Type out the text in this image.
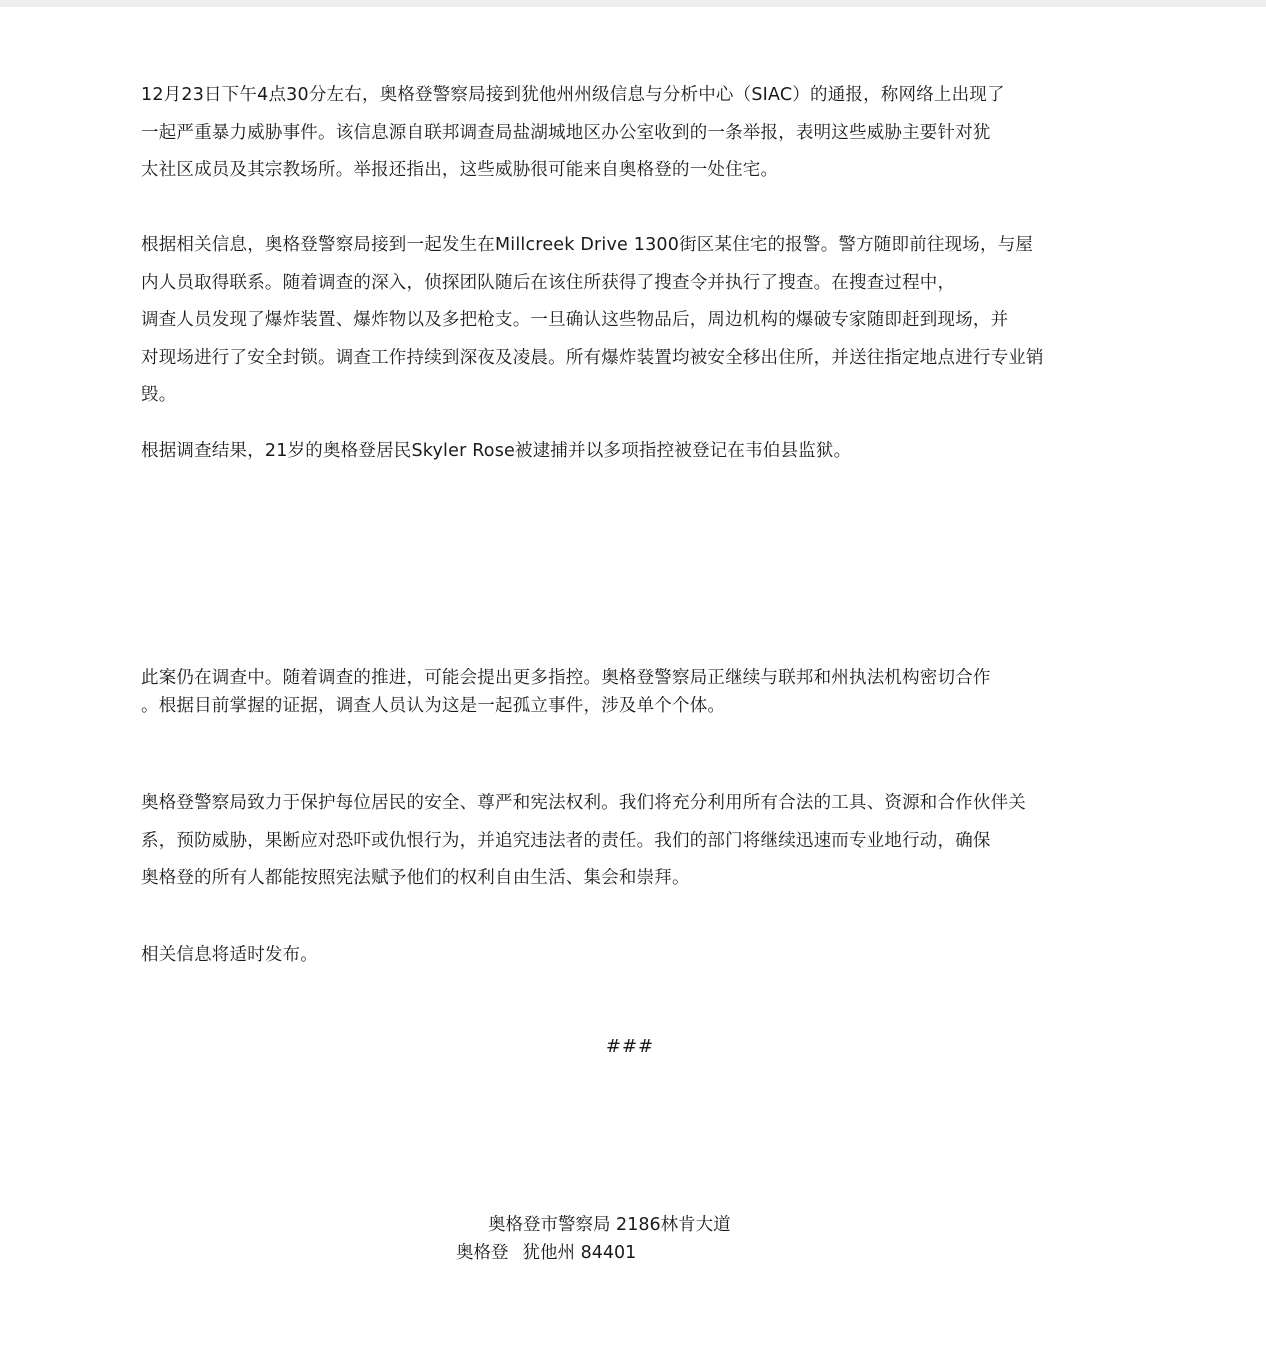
12月23日下午4点30分左右，奥格登警察局接到犹他州州级信息与分析中心（SIAC）的通报，称网络上出现了
一起严重暴力威胁事件。该信息源自联邦调查局盐湖城地区办公室收到的一条举报，表明这些威胁主要针对犹
太社区成员及其宗教场所。举报还指出，这些威胁很可能来自奥格登的一处住宅。

根据相关信息，奥格登警察局接到一起发生在Millcreek Drive 1300街区某住宅的报警。警方随即前往现场，与屋
内人员取得联系。随着调查的深入，侦探团队随后在该住所获得了搜查令并执行了搜查。在搜查过程中，
调查人员发现了爆炸装置、爆炸物以及多把枪支。一旦确认这些物品后，周边机构的爆破专家随即赶到现场，并
对现场进行了安全封锁。调查工作持续到深夜及凌晨。所有爆炸装置均被安全移出住所，并送往指定地点进行专业销
毁。

根据调查结果，21岁的奥格登居民Skyler Rose被逮捕并以多项指控被登记在韦伯县监狱。

此案仍在调查中。随着调查的推进，可能会提出更多指控。奥格登警察局正继续与联邦和州执法机构密切合作
。根据目前掌握的证据，调查人员认为这是一起孤立事件，涉及单个个体。

奥格登警察局致力于保护每位居民的安全、尊严和宪法权利。我们将充分利用所有合法的工具、资源和合作伙伴关
系，预防威胁，果断应对恐吓或仇恨行为，并追究违法者的责任。我们的部门将继续迅速而专业地行动，确保
奥格登的所有人都能按照宪法赋予他们的权利自由生活、集会和崇拜。

相关信息将适时发布。

###
奥格登市警察局 2186林肯大道
奥格登 犹他州 84401
